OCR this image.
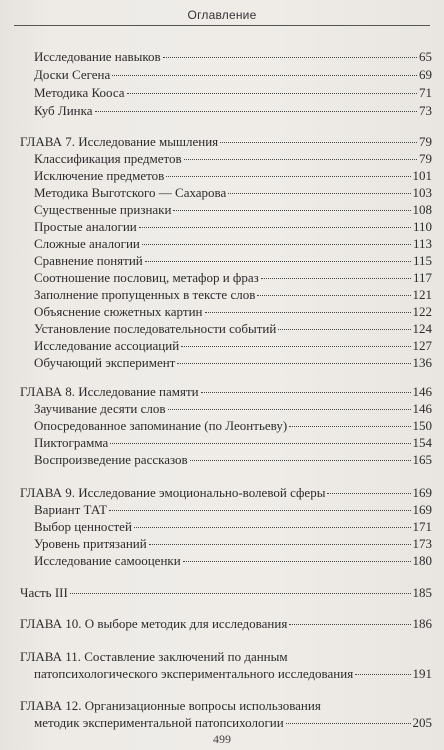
Оглавление
Исследование навыков	65
Доски Сегена	69
Методика Кооса	71
Куб Линка	73
ГЛАВА 7. Исследование мышления	79
Классификация предметов	79
Исключение предметов	101
Методика Выготского — Сахарова	103
Существенные признаки	108
Простые аналогии	110
Сложные аналогии	113
Сравнение понятий	115
Соотношение пословиц, метафор и фраз	117
Заполнение пропущенных в тексте слов	121
Объяснение сюжетных картин	122
Установление последовательности событий	124
Исследование ассоциаций	127
Обучающий эксперимент	136
ГЛАВА 8. Исследование памяти	146
Заучивание десяти слов	146
Опосредованное запоминание (по Леонтьеву)	150
Пиктограмма	154
Воспроизведение рассказов	165
ГЛАВА 9. Исследование эмоционально-волевой сферы	169
Вариант ТАТ	169
Выбор ценностей	171
Уровень притязаний	173
Исследование самооценки	180
Часть III	185
ГЛАВА 10. О выборе методик для исследования	186
ГЛАВА 11. Составление заключений по данным
патопсихологического экспериментального исследования	191
ГЛАВА 12. Организационные вопросы использования
методик экспериментальной патопсихологии	205
499
